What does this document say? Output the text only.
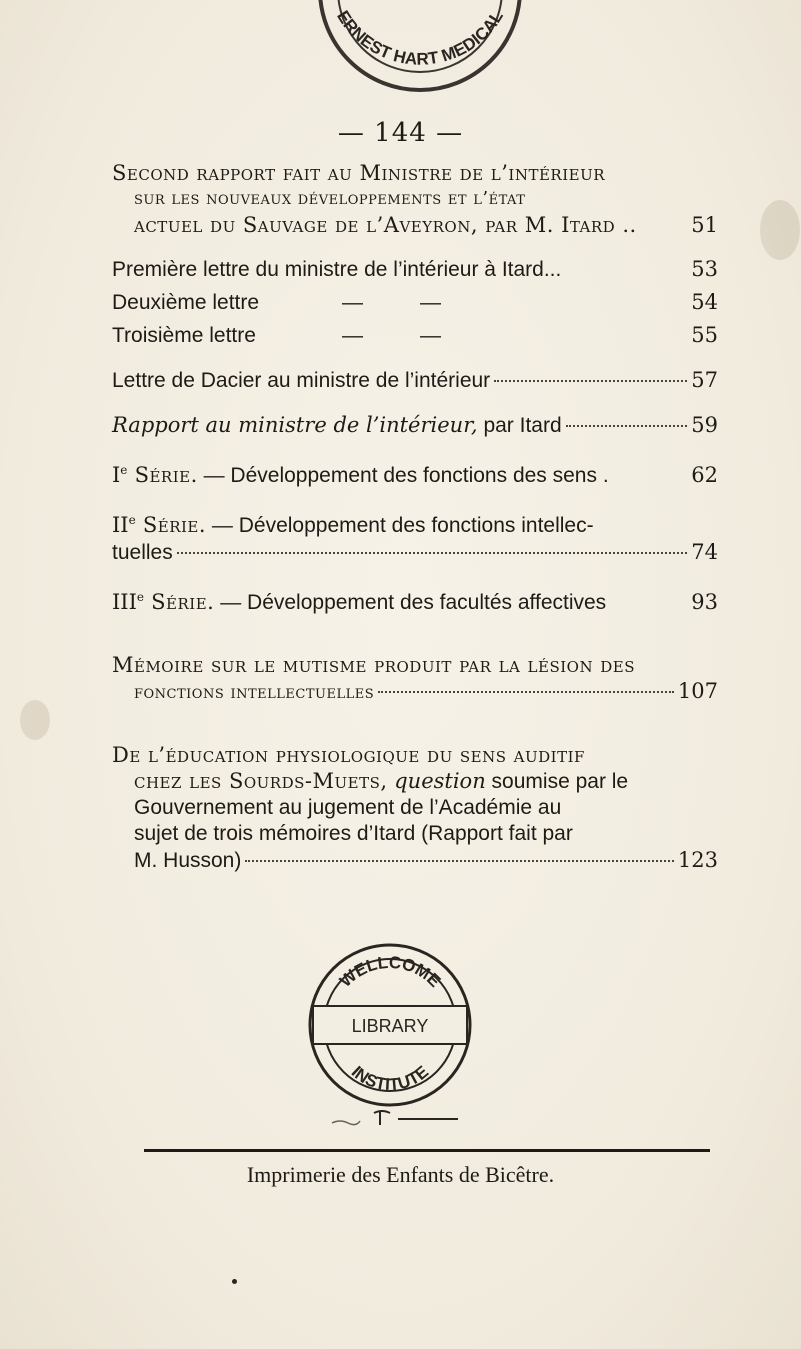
ERNEST HART MEDICAL
— 144 —
Second rapport fait au Ministre de l’intérieur
sur les nouveaux développements et l’état
actuel du Sauvage de l’Aveyron, par M. Itard ..	51
Première lettre du ministre de l’intérieur à Itard...	53
Deuxième lettre	—	—	54
Troisième lettre	—	—	55
Lettre de Dacier au ministre de l’intérieur	57
Rapport au ministre de l’intérieur, par Itard	59
Ie Série. — Développement des fonctions des sens .	62
IIe Série. — Développement des fonctions intellec-
tuelles	74
IIIe Série. — Développement des facultés affectives	93
Mémoire sur le mutisme produit par la lésion des
fonctions intellectuelles	107
De l’éducation physiologique du sens auditif
chez les Sourds-Muets, question soumise par le
Gouvernement au jugement de l’Académie au
sujet de trois mémoires d’Itard (Rapport fait par
M. Husson)	123
WELLCOME
LIBRARY
INSTITUTE
Imprimerie des Enfants de Bicêtre.
